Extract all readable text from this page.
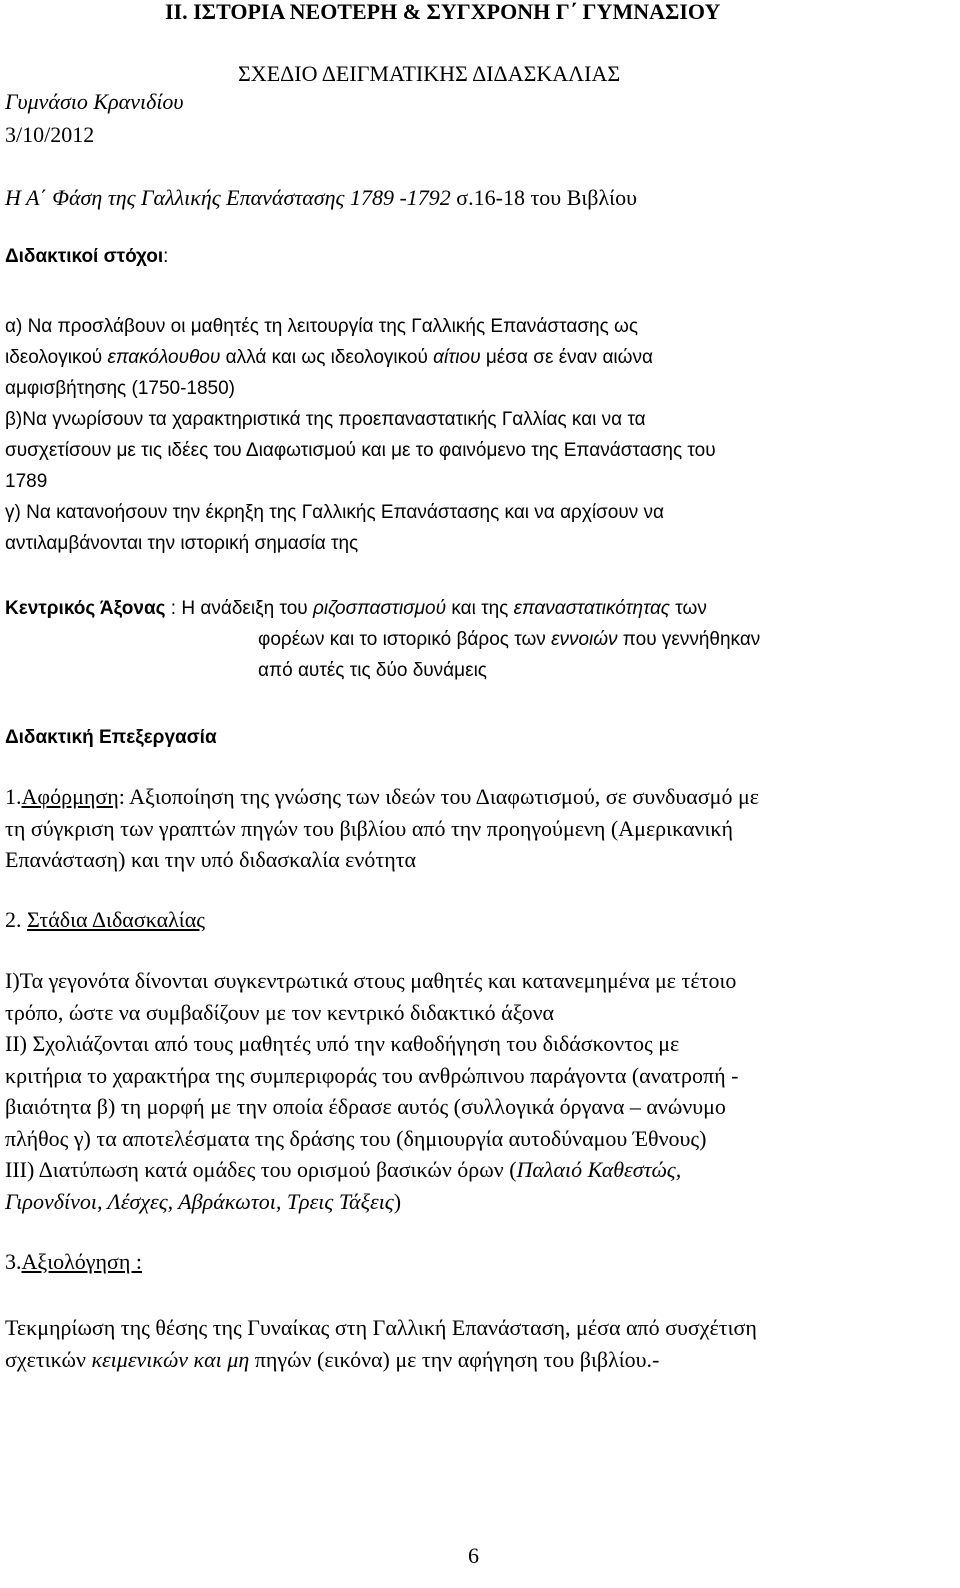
ΙΙ. ΙΣΤΟΡΙΑ ΝΕΟΤΕΡΗ & ΣΥΓΧΡΟΝΗ Γ΄ ΓΥΜΝΑΣΙΟΥ
ΣΧΕΔΙΟ ΔΕΙΓΜΑΤΙΚΗΣ ΔΙΔΑΣΚΑΛΙΑΣ
Γυμνάσιο Κρανιδίου
3/10/2012
Η Α΄ Φάση της Γαλλικής Επανάστασης 1789 -1792 σ.16-18 του Βιβλίου
Διδακτικοί στόχοι:

α) Να προσλάβουν οι μαθητές τη λειτουργία της Γαλλικής Επανάστασης ως

ιδεολογικού επακόλουθου αλλά και ως ιδεολογικού αίτιου μέσα σε έναν αιώνα

αμφισβήτησης (1750-1850)

β)Να γνωρίσουν τα χαρακτηριστικά της προεπαναστατικής Γαλλίας και να τα

συσχετίσουν με τις ιδέες του Διαφωτισμού και με το φαινόμενο της Επανάστασης του

1789

γ) Να κατανοήσουν την έκρηξη της Γαλλικής Επανάστασης και να αρχίσουν να

αντιλαμβάνονται την ιστορική σημασία της

Κεντρικός Άξονας : Η ανάδειξη του ριζοσπαστισμού και της επαναστατικότητας των
φορέων και το ιστορικό βάρος των εννοιών που γεννήθηκαν
από αυτές τις δύο δυνάμεις
Διδακτική Επεξεργασία

1.Αφόρμηση: Αξιοποίηση της γνώσης των ιδεών του Διαφωτισμού, σε συνδυασμό με

τη σύγκριση των γραπτών πηγών του βιβλίου από την προηγούμενη (Αμερικανική

Επανάσταση) και την υπό διδασκαλία ενότητα

2. Στάδια Διδασκαλίας

Ι)Τα γεγονότα δίνονται συγκεντρωτικά στους μαθητές και κατανεμημένα με τέτοιο

τρόπο, ώστε να συμβαδίζουν με τον κεντρικό διδακτικό άξονα

ΙΙ) Σχολιάζονται από τους μαθητές υπό την καθοδήγηση του διδάσκοντος με

κριτήρια το χαρακτήρα της συμπεριφοράς του ανθρώπινου παράγοντα (ανατροπή -

βιαιότητα β) τη μορφή με την οποία έδρασε αυτός (συλλογικά όργανα – ανώνυμο

πλήθος γ) τα αποτελέσματα της δράσης του (δημιουργία αυτοδύναμου Έθνους)

ΙΙΙ) Διατύπωση κατά ομάδες του ορισμού βασικών όρων (Παλαιό Καθεστώς,

Γιρονδίνοι, Λέσχες, Αβράκωτοι, Τρεις Τάξεις)

3.Αξιολόγηση :

Τεκμηρίωση της θέσης της Γυναίκας στη Γαλλική Επανάσταση, μέσα από συσχέτιση

σχετικών κειμενικών και μη πηγών (εικόνα) με την αφήγηση του βιβλίου.-

6
